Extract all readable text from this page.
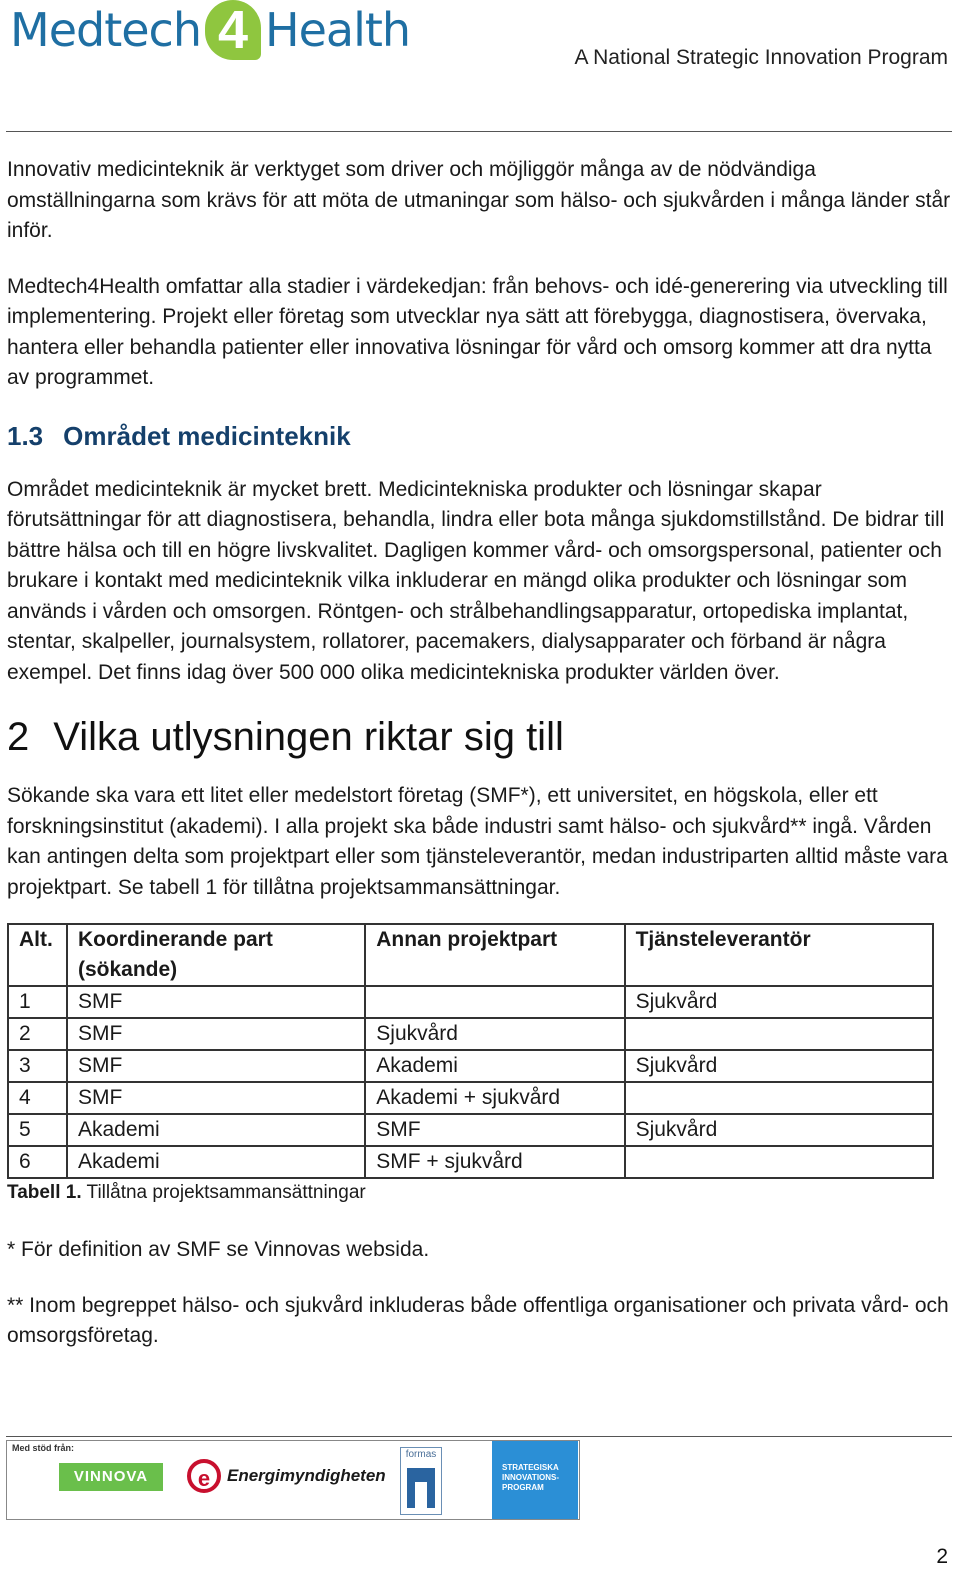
Medtech 4 Health
A National Strategic Innovation Program

Innovativ medicinteknik är verktyget som driver och möjliggör många av de nödvändiga omställningarna som krävs för att möta de utmaningar som hälso- och sjukvården i många länder står inför.

Medtech4Health omfattar alla stadier i värdekedjan: från behovs- och idé-generering via utveckling till implementering. Projekt eller företag som utvecklar nya sätt att förebygga, diagnostisera, övervaka, hantera eller behandla patienter eller innovativa lösningar för vård och omsorg kommer att dra nytta av programmet.

1.3 Området medicinteknik

Området medicinteknik är mycket brett. Medicintekniska produkter och lösningar skapar förutsättningar för att diagnostisera, behandla, lindra eller bota många sjukdomstillstånd. De bidrar till bättre hälsa och till en högre livskvalitet. Dagligen kommer vård- och omsorgspersonal, patienter och brukare i kontakt med medicinteknik vilka inkluderar en mängd olika produkter och lösningar som används i vården och omsorgen. Röntgen- och strålbehandlingsapparatur, ortopediska implantat, stentar, skalpeller, journalsystem, rollatorer, pacemakers, dialysapparater och förband är några exempel. Det finns idag över 500 000 olika medicintekniska produkter världen över.

2 Vilka utlysningen riktar sig till

Sökande ska vara ett litet eller medelstort företag (SMF*), ett universitet, en högskola, eller ett forskningsinstitut (akademi). I alla projekt ska både industri samt hälso- och sjukvård** ingå. Vården kan antingen delta som projektpart eller som tjänsteleverantör, medan industriparten alltid måste vara projektpart. Se tabell 1 för tillåtna projektsammansättningar.

Alt.	Koordinerande part (sökande)	Annan projektpart	Tjänsteleverantör
1	SMF		Sjukvård
2	SMF	Sjukvård	
3	SMF	Akademi	Sjukvård
4	SMF	Akademi + sjukvård	
5	Akademi	SMF	Sjukvård
6	Akademi	SMF + sjukvård	
Tabell 1. Tillåtna projektsammansättningar

* För definition av SMF se Vinnovas websida.

** Inom begreppet hälso- och sjukvård inkluderas både offentliga organisationer och privata vård- och omsorgsföretag.

Med stöd från:
VINNOVA	e Energimyndigheten
formas
STRATEGISKA
INNOVATIONS-
PROGRAM
2
